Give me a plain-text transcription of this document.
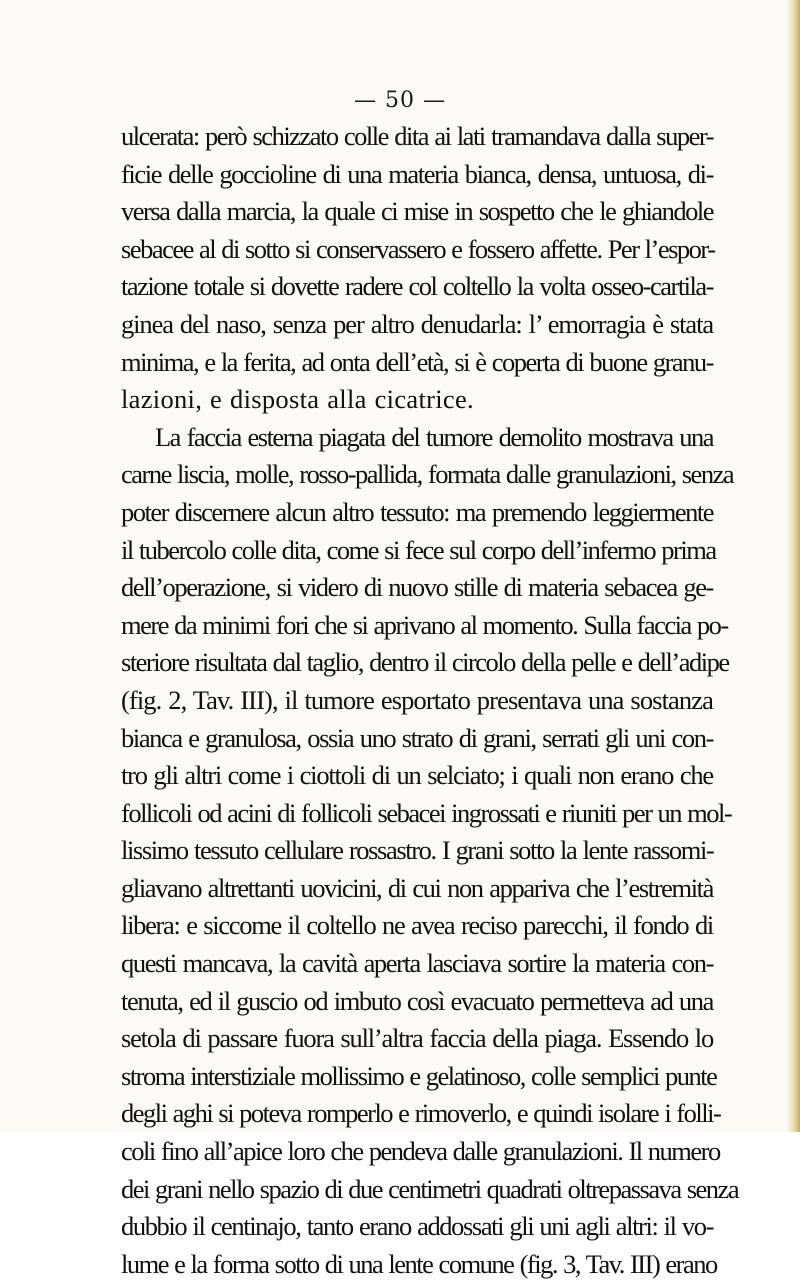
— 50 —
ulcerata: però schizzato colle dita ai lati tramandava dalla super-
ficie delle goccioline di una materia bianca, densa, untuosa, di-
versa dalla marcia, la quale ci mise in sospetto che le ghiandole
sebacee al di sotto si conservassero e fossero affette. Per l’espor-
tazione totale si dovette radere col coltello la volta osseo-cartila-
ginea del naso, senza per altro denudarla: l’ emorragia è stata
minima, e la ferita, ad onta dell’età, si è coperta di buone granu-
lazioni, e disposta alla cicatrice.
La faccia esterna piagata del tumore demolito mostrava una
carne liscia, molle, rosso-pallida, formata dalle granulazioni, senza
poter discernere alcun altro tessuto: ma premendo leggiermente
il tubercolo colle dita, come si fece sul corpo dell’infermo prima
dell’operazione, si videro di nuovo stille di materia sebacea ge-
mere da minimi fori che si aprivano al momento. Sulla faccia po-
steriore risultata dal taglio, dentro il circolo della pelle e dell’adipe
(fig. 2, Tav. III), il tumore esportato presentava una sostanza
bianca e granulosa, ossia uno strato di grani, serrati gli uni con-
tro gli altri come i ciottoli di un selciato; i quali non erano che
follicoli od acini di follicoli sebacei ingrossati e riuniti per un mol-
lissimo tessuto cellulare rossastro. I grani sotto la lente rassomi-
gliavano altrettanti uovicini, di cui non appariva che l’estremità
libera: e siccome il coltello ne avea reciso parecchi, il fondo di
questi mancava, la cavità aperta lasciava sortire la materia con-
tenuta, ed il guscio od imbuto così evacuato permetteva ad una
setola di passare fuora sull’altra faccia della piaga. Essendo lo
stroma interstiziale mollissimo e gelatinoso, colle semplici punte
degli aghi si poteva romperlo e rimoverlo, e quindi isolare i folli-
coli fino all’apice loro che pendeva dalle granulazioni. Il numero
dei grani nello spazio di due centimetri quadrati oltrepassava senza
dubbio il centinajo, tanto erano addossati gli uni agli altri: il vo-
lume e la forma sotto di una lente comune (fig. 3, Tav. III) erano
